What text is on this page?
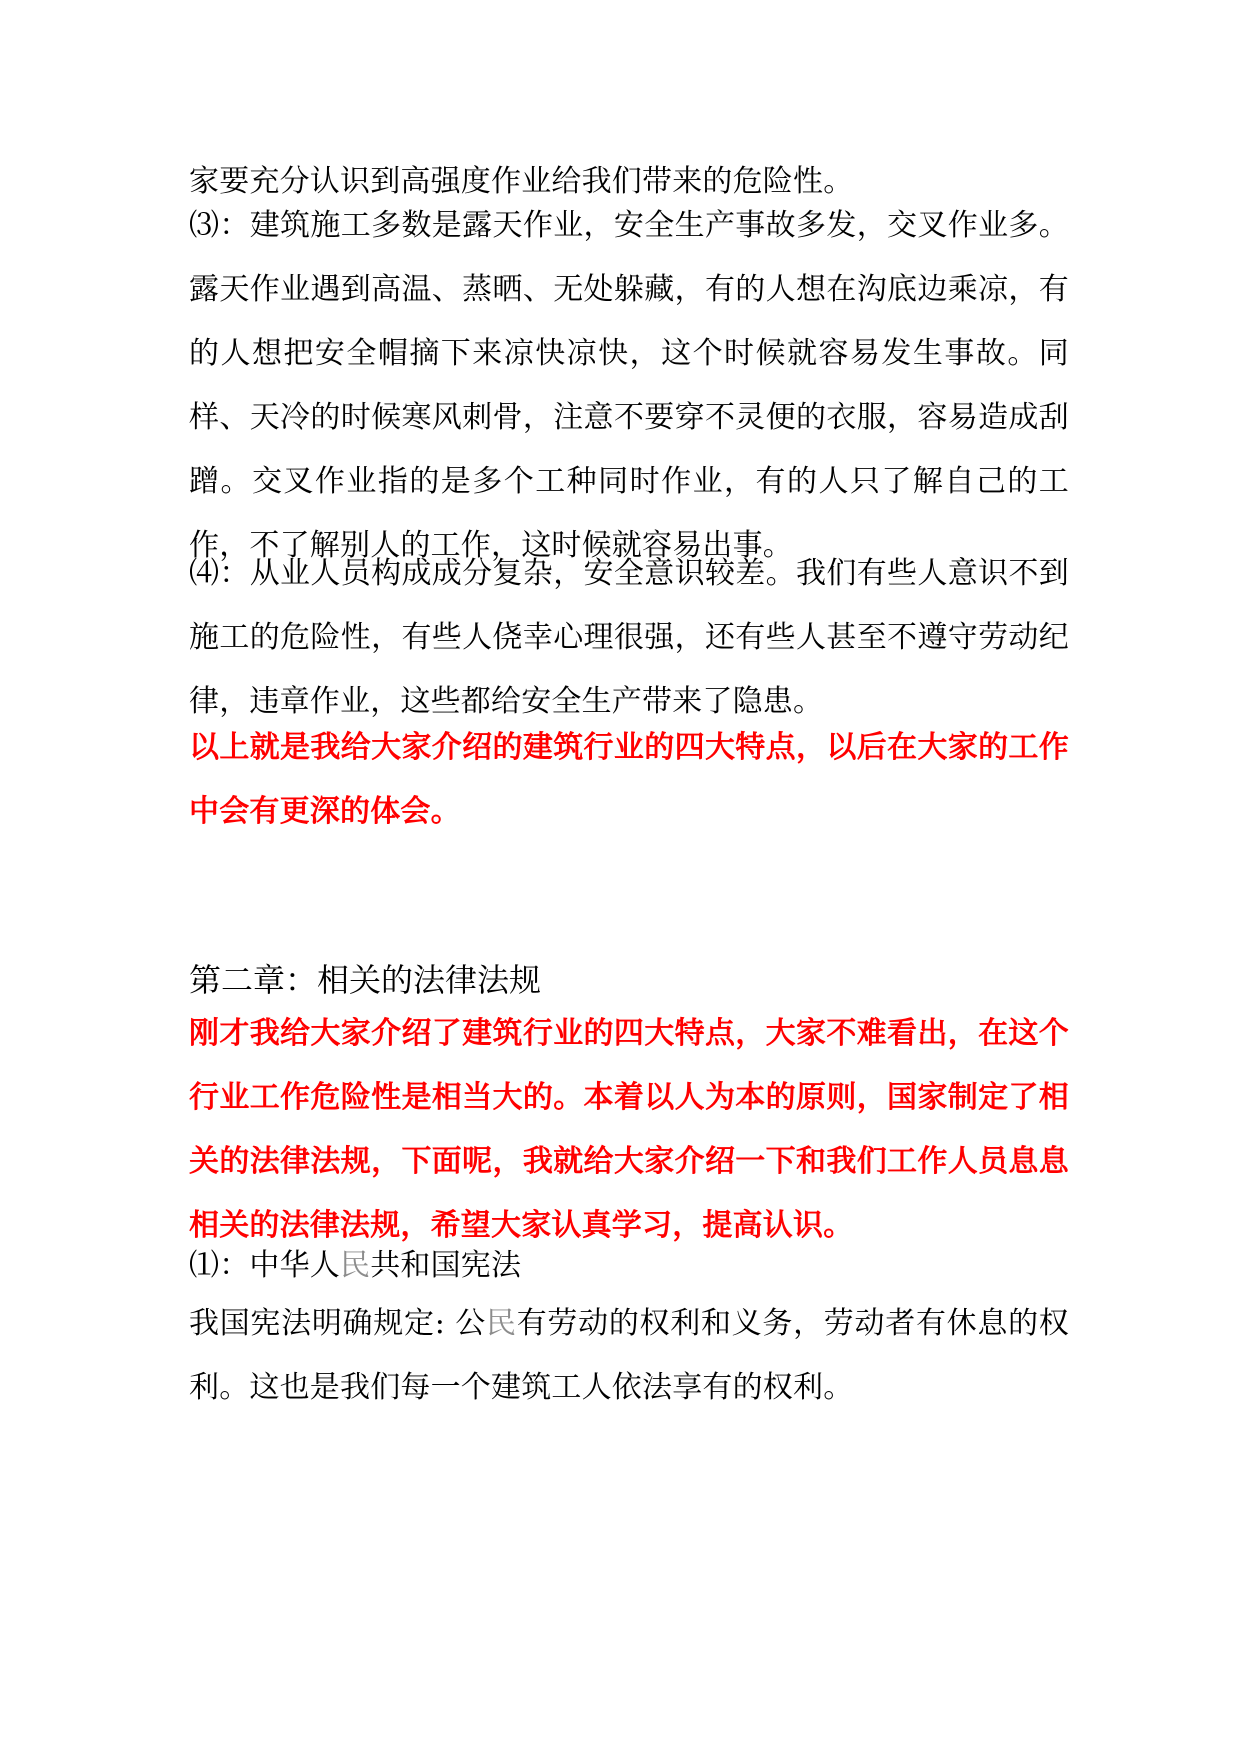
家要充分认识到高强度作业给我们带来的危险性。

⑶：建筑施工多数是露天作业，安全生产事故多发，交叉作业多。露天作业遇到高温、蒸晒、无处躲藏，有的人想在沟底边乘凉，有的人想把安全帽摘下来凉快凉快，这个时候就容易发生事故。同样、天冷的时候寒风刺骨，注意不要穿不灵便的衣服，容易造成刮蹭。交叉作业指的是多个工种同时作业，有的人只了解自己的工作，不了解别人的工作，这时候就容易出事。

⑷：从业人员构成成分复杂，安全意识较差。我们有些人意识不到施工的危险性，有些人侥幸心理很强，还有些人甚至不遵守劳动纪律，违章作业，这些都给安全生产带来了隐患。

以上就是我给大家介绍的建筑行业的四大特点，以后在大家的工作中会有更深的体会。

第二章：相关的法律法规

刚才我给大家介绍了建筑行业的四大特点，大家不难看出，在这个行业工作危险性是相当大的。本着以人为本的原则，国家制定了相关的法律法规，下面呢，我就给大家介绍一下和我们工作人员息息相关的法律法规，希望大家认真学习，提高认识。

⑴：中华人民共和国宪法

我国宪法明确规定: 公民有劳动的权利和义务，劳动者有休息的权利。这也是我们每一个建筑工人依法享有的权利。
